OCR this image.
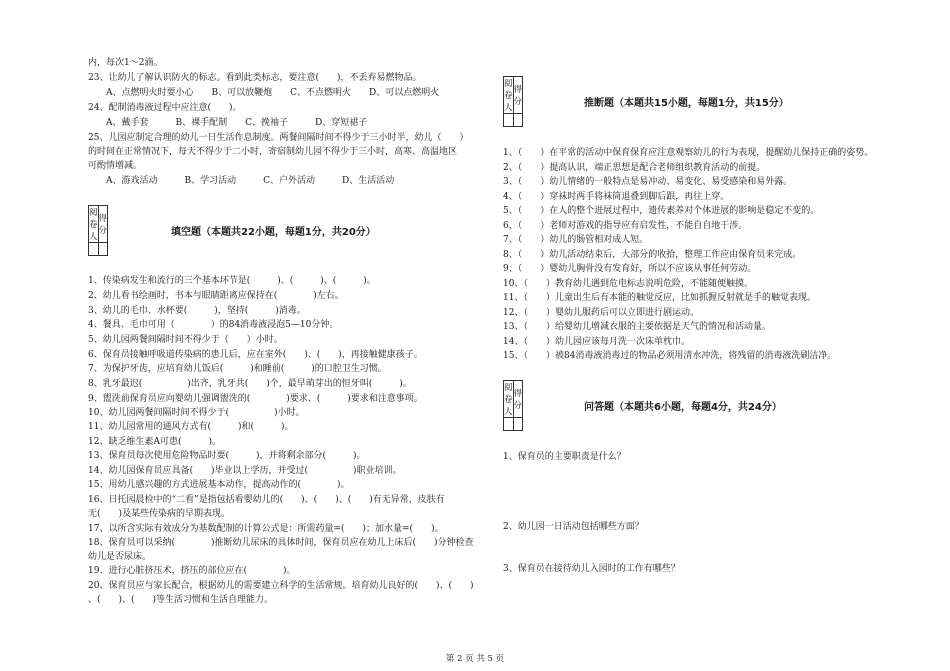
内，每次1～2滴。
23、让幼儿了解认识防火的标志。看到此类标志，要注意(　　)，不丢弃易燃物品。
　　A、点燃明火时要小心　　B、可以放鞭炮　　C、不点燃明火　　D、可以点燃明火
24、配制消毒液过程中应注意(　　)。
　　A、戴手套　　　B、裸手配制　　C、挽袖子　　　D、穿短裙子
25、儿园应制定合理的幼儿一日生活作息制度。两餐间隔时间不得少于三小时半，幼儿（　　）
的时间在正常情况下，每天不得少于二小时，寄宿制幼儿园不得少于三小时，高寒、高温地区
可酌情增减。
　　A、游戏活动　　　B、学习活动　　　C、户外活动　　　D、生活活动
阅卷人	得分
		填空题（本题共22小题，每题1分，共20分）
1、传染病发生和流行的三个基本环节是(　　　)、(　　　)、(　　　)。
2、幼儿看书绘画时，书本与眼睛距离应保持在(　　　　)左右。
3、幼儿的毛巾、水杯要(　　　)，坚持(　　　)消毒。
4、餐具、毛巾可用（　　　　）的84消毒液浸泡5—10分钟。
5、幼儿园两餐间隔时间不得少于（　　）小时。
6、保育员接触呼吸道传染病的患儿后，应在室外(　　)、(　　)，再接触健康孩子。
7、为保护牙齿，应培育幼儿饭后(　　　)和睡前(　　　)的口腔卫生习惯。
8、乳牙最迟(　　　　　)出齐，乳牙共(　　)个，最早萌芽出的恒牙叫(　　　)。
9、盥洗前保育员应向婴幼儿强调盥洗的(　　　　)要求、(　　　)要求和注意事项。
10、幼儿园两餐间隔时间不得少于(　　　　　)小时。
11、幼儿园常用的通风方式有(　　　)和(　　　)。
12、缺乏维生素A可患(　　　)。
13、保育员每次使用危险物品时要(　　　)，并将剩余部分(　　　)。
14、幼儿园保育员应具备(　　)毕业以上学历，并受过(　　　　　)职业培训。
15、用幼儿感兴趣的方式进展基本动作，提高动作的(　　　　)。
16、日托园晨检中的“二看”是指包括看婴幼儿的(　　)、(　　)、(　　)有无异常，皮肤有
无(　　)及某些传染病的早期表现。
17、以所含实际有效成分为基数配制的计算公式是：所需药量=(　　)；加水量=(　　)。
18、保育员可以采纳(　　　　)推断幼儿尿床的具体时间，保育员应在幼儿上床后(　　)分钟检查
幼儿是否尿床。
19、进行心脏挤压术，挤压的部位应在(　　　　)。
20、保育员应与家长配合，根据幼儿的需要建立科学的生活常规。培育幼儿良好的(　　)、(　　)
、(　　)、(　　)等生活习惯和生活自理能力。
阅卷人	得分
		推断题（本题共15小题，每题1分，共15分）
1、（　　）在平常的活动中保育保育应注意观察幼儿的行为表现，提醒幼儿保持正确的姿势。
2、（　　）提高认识，端正思想是配合老师组织教育活动的前提。
3、（　　）幼儿情绪的一般特点是易冲动、易变化、易受感染和易外露。
4、（　　）穿袜时两手将袜筒退叠到脚后跟，再往上穿。
5、（　　）在人的整个进展过程中，遗传素养对个体进展的影响是稳定不变的。
6、（　　）老师对游戏的指导应有启发性，不能自自地干涉。
7、（　　）幼儿的肠管相对成人短。
8、（　　）幼儿活动结束后，大部分的收拾，整理工作应由保育员来完成。
9、（　　）婴幼儿胸骨没有发育好，所以不应该从事任何劳动。
10、（　　）教育幼儿遇到危电标志说明危险，不能随便触摸。
11、（　　）儿童出生后有本能的触觉反应，比如抓握反射就是手的触觉表现。
12、（　　）婴幼儿服药后可以立即进行剧运动。
13、（　　）给婴幼儿增减衣服的主要依据是天气的情况和活动量。
14、（　　）幼儿园应该每月洗一次床单枕巾。
15、（　　）被84消毒液消毒过的物品必须用清水冲洗，将残留的消毒液洗刷洁净。
阅卷人	得分
		问答题（本题共6小题，每题4分，共24分）
1、保育员的主要职责是什么？
2、幼儿园一日活动包括哪些方面？
3、保育员在接待幼儿入园时的工作有哪些？
第 2 页 共 5 页
